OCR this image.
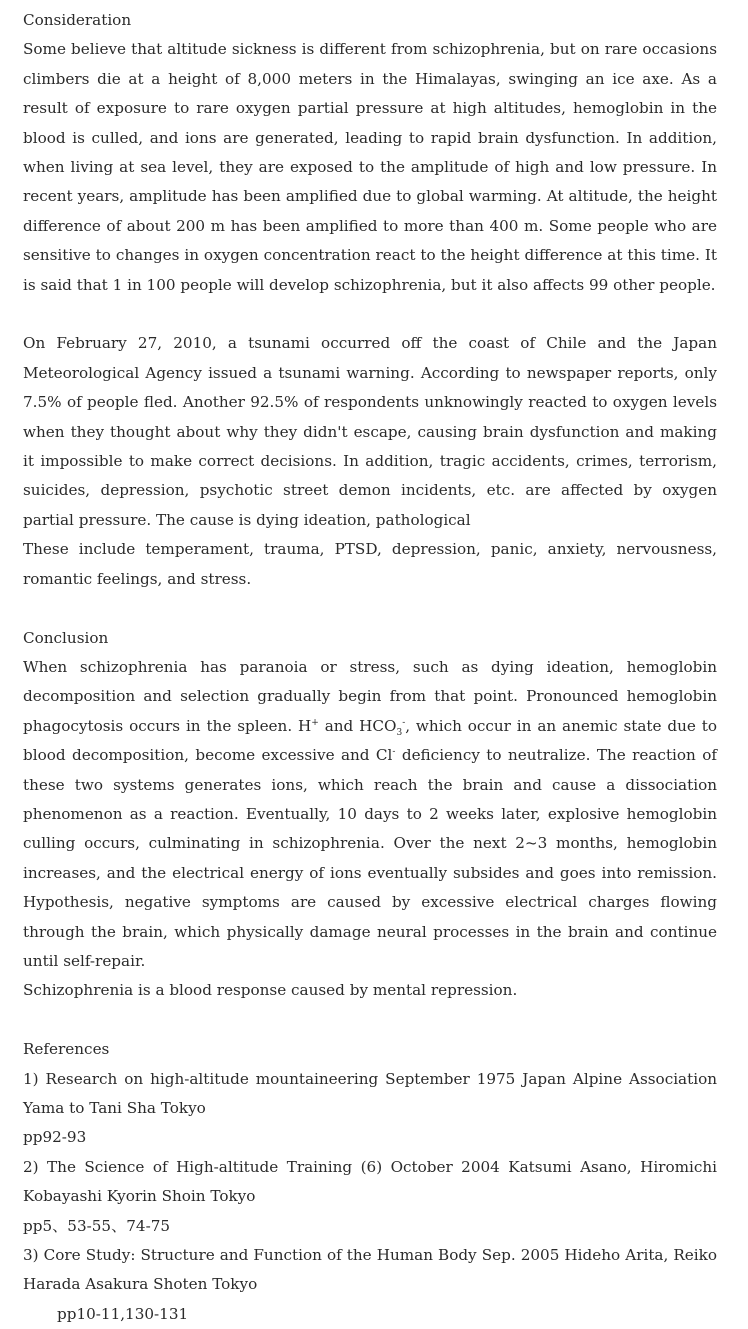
Consideration

Some believe that altitude sickness is different from schizophrenia, but on rare occasions climbers die at a height of 8,000 meters in the Himalayas, swinging an ice axe. As a result of exposure to rare oxygen partial pressure at high altitudes, hemoglobin in the blood is culled, and ions are generated, leading to rapid brain dysfunction. In addition, when living at sea level, they are exposed to the amplitude of high and low pressure. In recent years, amplitude has been amplified due to global warming. At altitude, the height difference of about 200 m has been amplified to more than 400 m. Some people who are sensitive to changes in oxygen concentration react to the height difference at this time. It is said that 1 in 100 people will develop schizophrenia, but it also affects 99 other people.

On February 27, 2010, a tsunami occurred off the coast of Chile and the Japan Meteorological Agency issued a tsunami warning. According to newspaper reports, only 7.5% of people fled. Another 92.5% of respondents unknowingly reacted to oxygen levels when they thought about why they didn't escape, causing brain dysfunction and making it impossible to make correct decisions. In addition, tragic accidents, crimes, terrorism, suicides, depression, psychotic street demon incidents, etc. are affected by oxygen partial pressure. The cause is dying ideation, pathological

These include temperament, trauma, PTSD, depression, panic, anxiety, nervousness, romantic feelings, and stress.

Conclusion

When schizophrenia has paranoia or stress, such as dying ideation, hemoglobin decomposition and selection gradually begin from that point. Pronounced hemoglobin phagocytosis occurs in the spleen. H+ and $HCO_3^-$, which occur in an anemic state due to blood decomposition, become excessive and Cl- deficiency to neutralize. The reaction of these two systems generates ions, which reach the brain and cause a dissociation phenomenon as a reaction. Eventually, 10 days to 2 weeks later, explosive hemoglobin culling occurs, culminating in schizophrenia. Over the next 2~3 months, hemoglobin increases, and the electrical energy of ions eventually subsides and goes into remission. Hypothesis, negative symptoms are caused by excessive electrical charges flowing through the brain, which physically damage neural processes in the brain and continue until self-repair.

Schizophrenia is a blood response caused by mental repression.

References

1) Research on high-altitude mountaineering September 1975 Japan Alpine Association Yama to Tani Sha Tokyo

pp92-93

2) The Science of High-altitude Training (6) October 2004 Katsumi Asano, Hiromichi Kobayashi Kyorin Shoin Tokyo

pp5、53-55、74-75

3) Core Study: Structure and Function of the Human Body Sep. 2005 Hideho Arita, Reiko Harada Asakura Shoten Tokyo

pp10-11,130-131
